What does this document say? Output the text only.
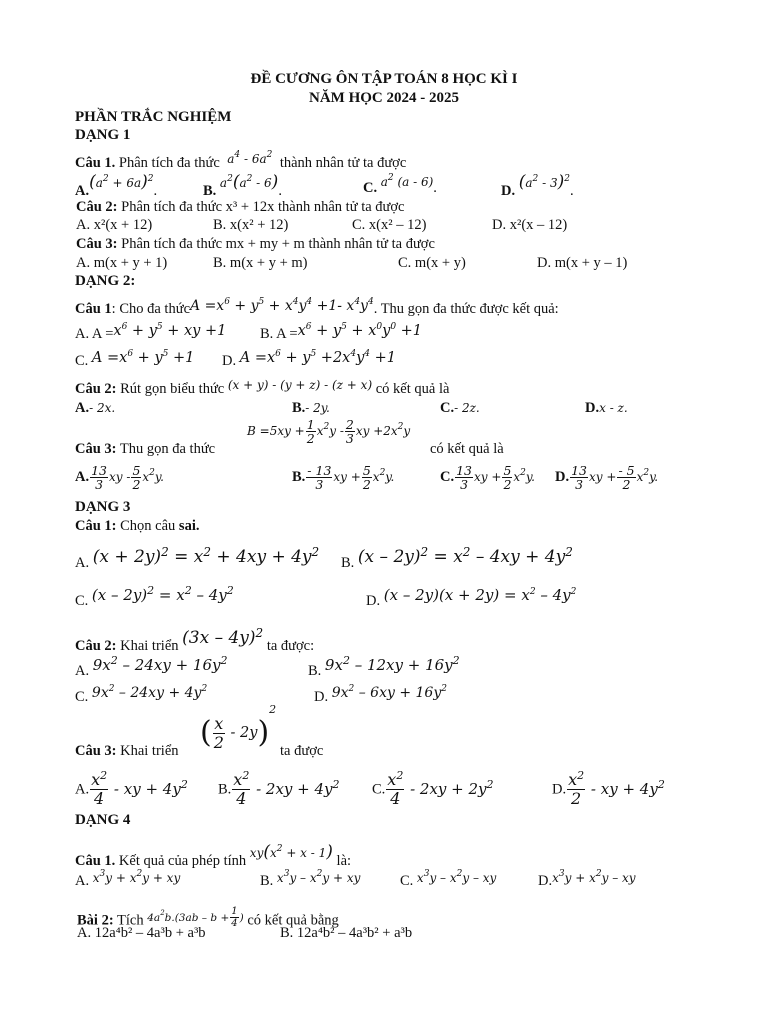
ĐỀ CƯƠNG ÔN TẬP TOÁN 8 HỌC KÌ I
NĂM HỌC 2024 - 2025
PHẦN TRẮC NGHIỆM
DẠNG 1
Câu 1. Phân tích đa thức  $^{a^4 - 6a^2}$ thành nhân tử ta được
A.$^{(a^2 + 6a)^2}$.	B. $^{a^2(a^2 - 6)}$.	C. $^{a^2 (a - 6)}$.	D. $^{(a^2 - 3)^2}$.
Câu 2: Phân tích đa thức x³ + 12x thành nhân tử ta được
A. x²(x + 12)	B. x(x² + 12)	C. x(x² – 12)	D. x²(x – 12)
Câu 3: Phân tích đa thức mx + my + m thành nhân tử ta được
A. m(x + y + 1)	B. m(x + y + m)	C. m(x + y)	D. m(x + y – 1)
DẠNG 2:
Câu 1: Cho đa thứcA $=x^6 + y^5 + x^4y^4 +1-$ $x^4y^4$. Thu gọn đa thức được kết quả:
A. $A =x^6 + y^5$ + xy +1 B. $A =x^6 + y^5 + x^0y^0 +1$
C. $A =x^6 + y^5 +1$ D. $A =x^6 + y^5 +2x^4y^4 +1$
Câu 2: Rút gọn biểu thức $^{(x + y) - (y + z) - (z + x)}$ có kết quả là
A.- 2x.	B.- 2y.	C.- 2z.	D.x - z.
$B =5xy + \frac{1}{2} x^2y - \frac{2}{3}$ xy $+2x^2y$
Câu 3: Thu gọn đa thức	có kết quả là
A. $\frac{13}{3}$ xy - $\frac{5}{2} x^2y$.	B. $\frac{- 13}{3}$ xy + $\frac{5}{2} x^2y$.	C. $\frac{13}{3}$ xy + $\frac{5}{2} x^2y$. D. $\frac{13}{3}$ xy + $\frac{- 5}{2} x^2y$.
DẠNG 3
Câu 1: Chọn câu sai.
A. $(x + 2y)^2 = x^2 + 4xy + 4y^2$
B. $(x - 2y)^2 = x^2 - 4xy + 4y^2$
C. $(x - 2y)^2 = x^2 - 4y^2$
D. $(x - 2y)(x + 2y) = x^2 - 4y^2$
Câu 2: Khai triển (3x – 4y)$^2$ ta được:
A. $9x^2 - 24xy + 16y^2$
B. $9x^2 - 12xy + 16y^2$
C. $9x^2 - 24xy + 4y^2$	D. $9x^2 - 6xy + 16y^2$
Câu 3: Khai triển
( $\frac{x}{2} - 2y)^2$
ta được
A. $\frac{x^2}{4}$ - xy + $4y^2$ B. $\frac{x^2}{4} - 2xy + 4y^2$ C. $\frac{x^2}{4} - 2xy + 2y^2$	D. $\frac{x^2}{2}$ - xy + $4y^2$
DẠNG 4
Câu 1. Kết quả của phép tính $^{xy(x^2 + x - 1)}$ là:
A. $^{x^3y + x^2y + xy}$	B. $^{x^3y - x^2y + xy}$	C. $^{x^3y - x^2y - xy}$	D.$^{x^3y + x^2y - xy}$
Bài 2: Tích $^{4a^2b.(3ab - b + \frac{1}{4} )}$ có kết quả bằng
A. 12a⁴b² – 4a³b + a³b	B. 12a⁴b² – 4a³b² + a³b
